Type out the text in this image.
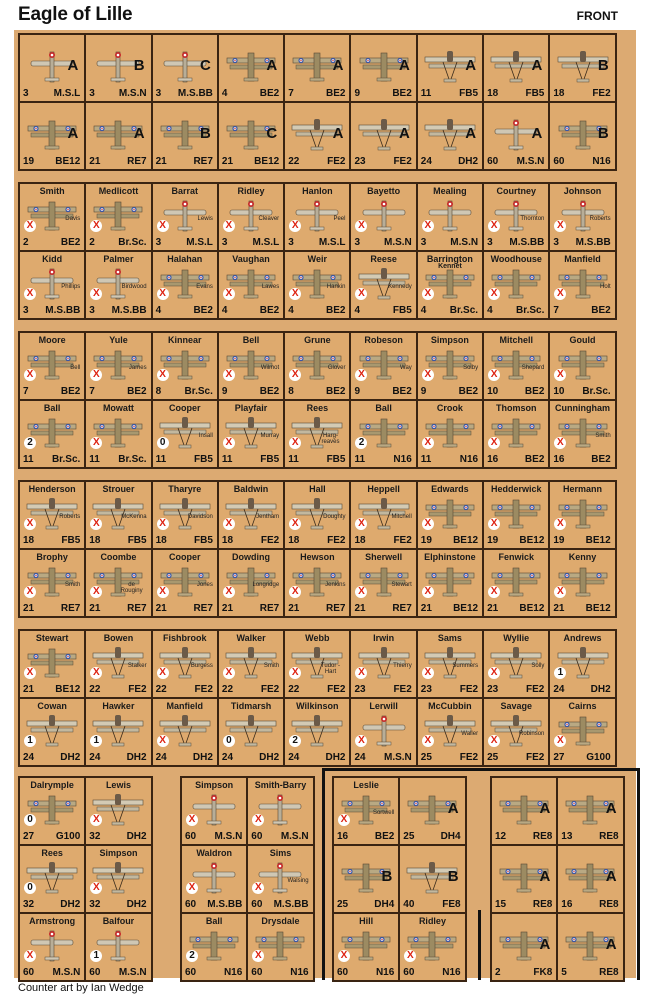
Eagle of Lille	FRONT
Counter art by Ian Wedge
A
3	M.S.L
B
3 M.S.N
C
3 M.S.BB
A
4	BE2
A
7	BE2
A
9	BE2
A
11	FB5
A
18	FB5
B
18	FE2
A
19 BE12
A
21	RE7
B
21	RE7
C
21 BE12
A
22	FE2
A
23	FE2
A
24	DH2
A
60 M.S.N
B
60	N16
Smith
Davis
X
2	BE2
Medlicott
X
2 Br.Sc.
Barrat
Lewis
X
3	M.S.L
Ridley
Cleaver
X
3	M.S.L
Hanlon
Peel
X
3	M.S.L
Bayetto
X
3 M.S.N
Mealing
X
3 M.S.N
Courtney
Thornton
X
3 M.S.BB
Johnson
Roberts
X
3 M.S.BB
Kidd
Phillips
X
3 M.S.BB
Palmer
Birdwood
X
3 M.S.BB
Halahan
Evans
X
4	BE2
Vaughan
Lawes
X
4	BE2
Weir
Hankin
X
4	BE2
Reese
Kennedy
X
4	FB5
Barrington
Kennet
X
4 Br.Sc.
Woodhouse
X
4 Br.Sc.
Manfield
Holt
X
7	BE2
Moore
Bell
X
7	BE2
Yule
James
X
7	BE2
Kinnear
X
8 Br.Sc.
Bell
Wilmot
X
9	BE2
Grune
Glover
X
8	BE2
Robeson
Way
X
9	BE2
Simpson
Solby
X
9	BE2
Mitchell
Shepard
X
10	BE2
Gould
X
10 Br.Sc.
Ball
2
11 Br.Sc.
Mowatt
X
11 Br.Sc.
Cooper
Insall
0
11	FB5
Playfair
Murray
X
11	FB5
Rees
Harg-reaves
X
11	FB5
Ball
2
11	N16
Crook
X
11	N16
Thomson
X
16	BE2
Cunningham
Smith
X
16	BE2
Henderson
Roberts
X
18	FB5
Strouer
McKenna
X
18	FB5
Tharyre
Davidson
X
18	FB5
Baldwin
Jentham
X
18	FE2
Hall
Doughty
X
18	FE2
Heppell
Mitchell
X
18	FE2
Edwards
X
19 BE12
Hedderwick
X
19 BE12
Hermann
X
19 BE12
Brophy
Smith
X
21	RE7
Coombe
de Rouginy
X
21	RE7
Cooper
Jones
X
21	RE7
Dowding
Longridge
X
21	RE7
Hewson
Jenkins
X
21	RE7
Sherwell
Stewart
X
21	RE7
Elphinstone
X
21 BE12
Fenwick
X
21 BE12
Kenny
X
21 BE12
Stewart
X
21 BE12
Bowen
Stalker
X
22	FE2
Fishbrook
Burgess
X
22	FE2
Walker
Smith
X
22	FE2
Webb
Tudor -Hart
X
22	FE2
Irwin
Thierry
X
23	FE2
Sams
Summers
X
23	FE2
Wyllie
Solly
X
23	FE2
Andrews
1
24	DH2
Cowan
1
24	DH2
Hawker
1
24	DH2
Manfield
X
24	DH2
Tidmarsh
0
24	DH2
Wilkinson
2
24	DH2
Lerwill
X
24 M.S.N
McCubbin
Waller
X
25	FE2
Savage
Robinson
X
25	FE2
Cairns
X
27 G100
Dalrymple
0
27 G100
Lewis
X
32	DH2
Rees
0
32	DH2
Simpson
X
32	DH2
Armstrong
X
60 M.S.N
Balfour
1
60 M.S.N
Simpson
X
60 M.S.N
Smith-Barry
X
60 M.S.N
Waldron
X
60 M.S.BB
Sims
Walsing
X
60 M.S.BB
Ball
2
60	N16
Drysdale
X
60	N16
Leslie
Sortwell
X
16	BE2
A
25	DH4
B
25	DH4
B
40	FE8
Hill
X
60	N16
Ridley
X
60	N16
A
12	RE8
A
13	RE8
A
15	RE8
A
16	RE8
A
2	FK8
A
5	RE8
